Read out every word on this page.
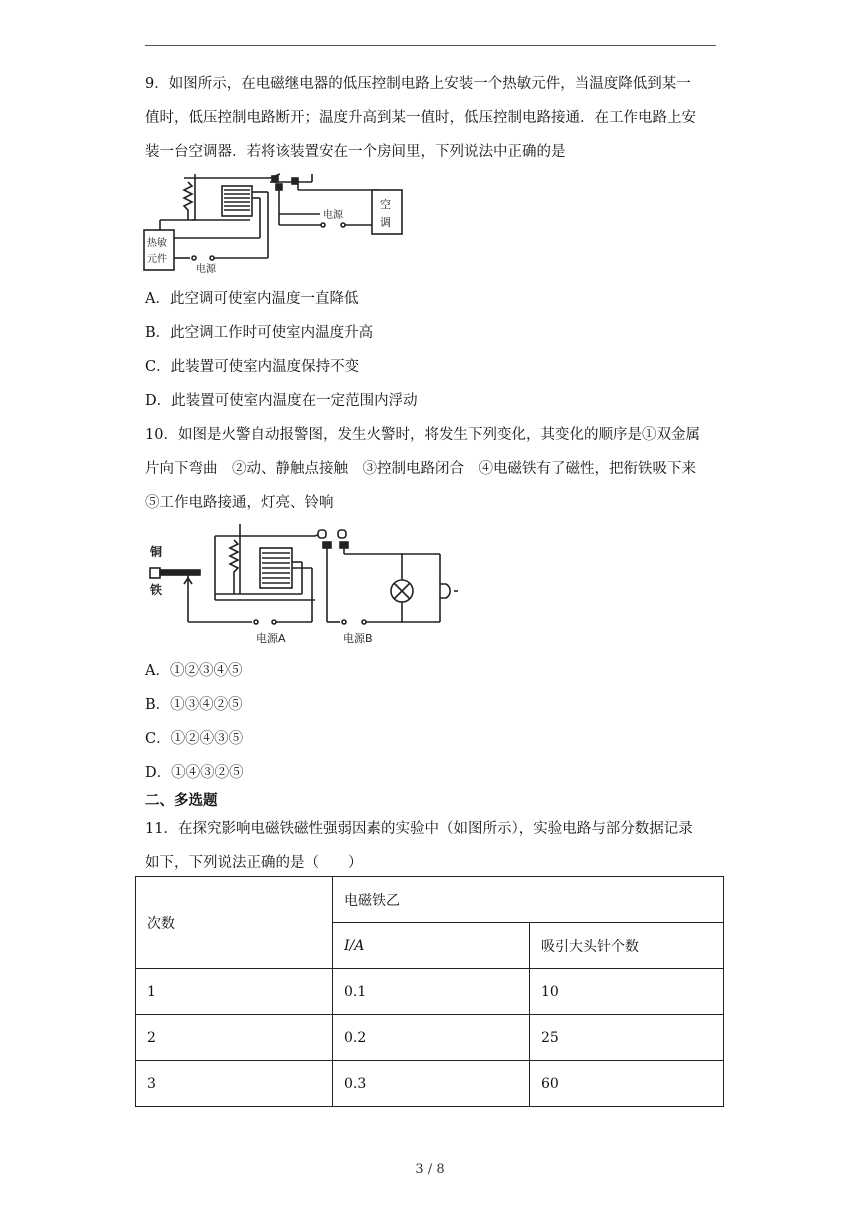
9．如图所示，在电磁继电器的低压控制电路上安装一个热敏元件，当温度降低到某一
值时，低压控制电路断开；温度升高到某一值时，低压控制电路接通．在工作电路上安
装一台空调器．若将该装置安在一个房间里，下列说法中正确的是
电源
空
调
热敏
元件
电源
A．此空调可使室内温度一直降低
B．此空调工作时可使室内温度升高
C．此装置可使室内温度保持不变
D．此装置可使室内温度在一定范围内浮动
10．如图是火警自动报警图，发生火警时，将发生下列变化，其变化的顺序是①双金属
片向下弯曲　②动、静触点接触　③控制电路闭合　④电磁铁有了磁性，把衔铁吸下来
⑤工作电路接通，灯亮、铃响
铜
铁
电源A	电源B
A．①②③④⑤
B．①③④②⑤
C．①②④③⑤
D．①④③②⑤
二、多选题
11．在探究影响电磁铁磁性强弱因素的实验中（如图所示），实验电路与部分数据记录
如下，下列说法正确的是（　　）
次数	电磁铁乙	
	I/A	吸引大头针个数
1	0.1	10
2	0.2	25
3	0.3	60
3 / 8
